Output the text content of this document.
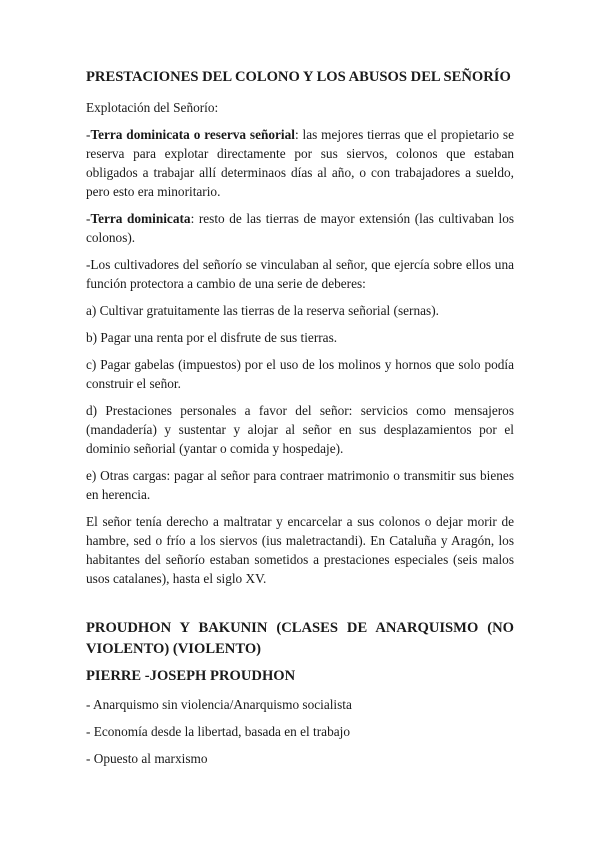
PRESTACIONES DEL COLONO Y LOS ABUSOS DEL SEÑORÍO
Explotación del Señorío:
-Terra dominicata o reserva señorial: las mejores tierras que el propietario se reserva para explotar directamente por sus siervos, colonos que estaban obligados a trabajar allí determinaos días al año, o con trabajadores a sueldo, pero esto era minoritario.
-Terra dominicata: resto de las tierras de mayor extensión (las cultivaban los colonos).
-Los cultivadores del señorío se vinculaban al señor, que ejercía sobre ellos una función protectora a cambio de una serie de deberes:
a) Cultivar gratuitamente las tierras de la reserva señorial (sernas).
b) Pagar una renta por el disfrute de sus tierras.
c) Pagar gabelas (impuestos) por el uso de los molinos y hornos que solo podía construir el señor.
d) Prestaciones personales a favor del señor: servicios como mensajeros (mandadería) y sustentar y alojar al señor en sus desplazamientos por el dominio señorial (yantar o comida y hospedaje).
e) Otras cargas: pagar al señor para contraer matrimonio o transmitir sus bienes en herencia.
El señor tenía derecho a maltratar y encarcelar a sus colonos o dejar morir de hambre, sed o frío a los siervos (ius maletractandi). En Cataluña y Aragón, los habitantes del señorío estaban sometidos a prestaciones especiales (seis malos usos catalanes), hasta el siglo XV.
PROUDHON Y BAKUNIN (CLASES DE ANARQUISMO (NO VIOLENTO) (VIOLENTO)
PIERRE -JOSEPH PROUDHON
- Anarquismo sin violencia/Anarquismo socialista
- Economía desde la libertad, basada en el trabajo
- Opuesto al marxismo
